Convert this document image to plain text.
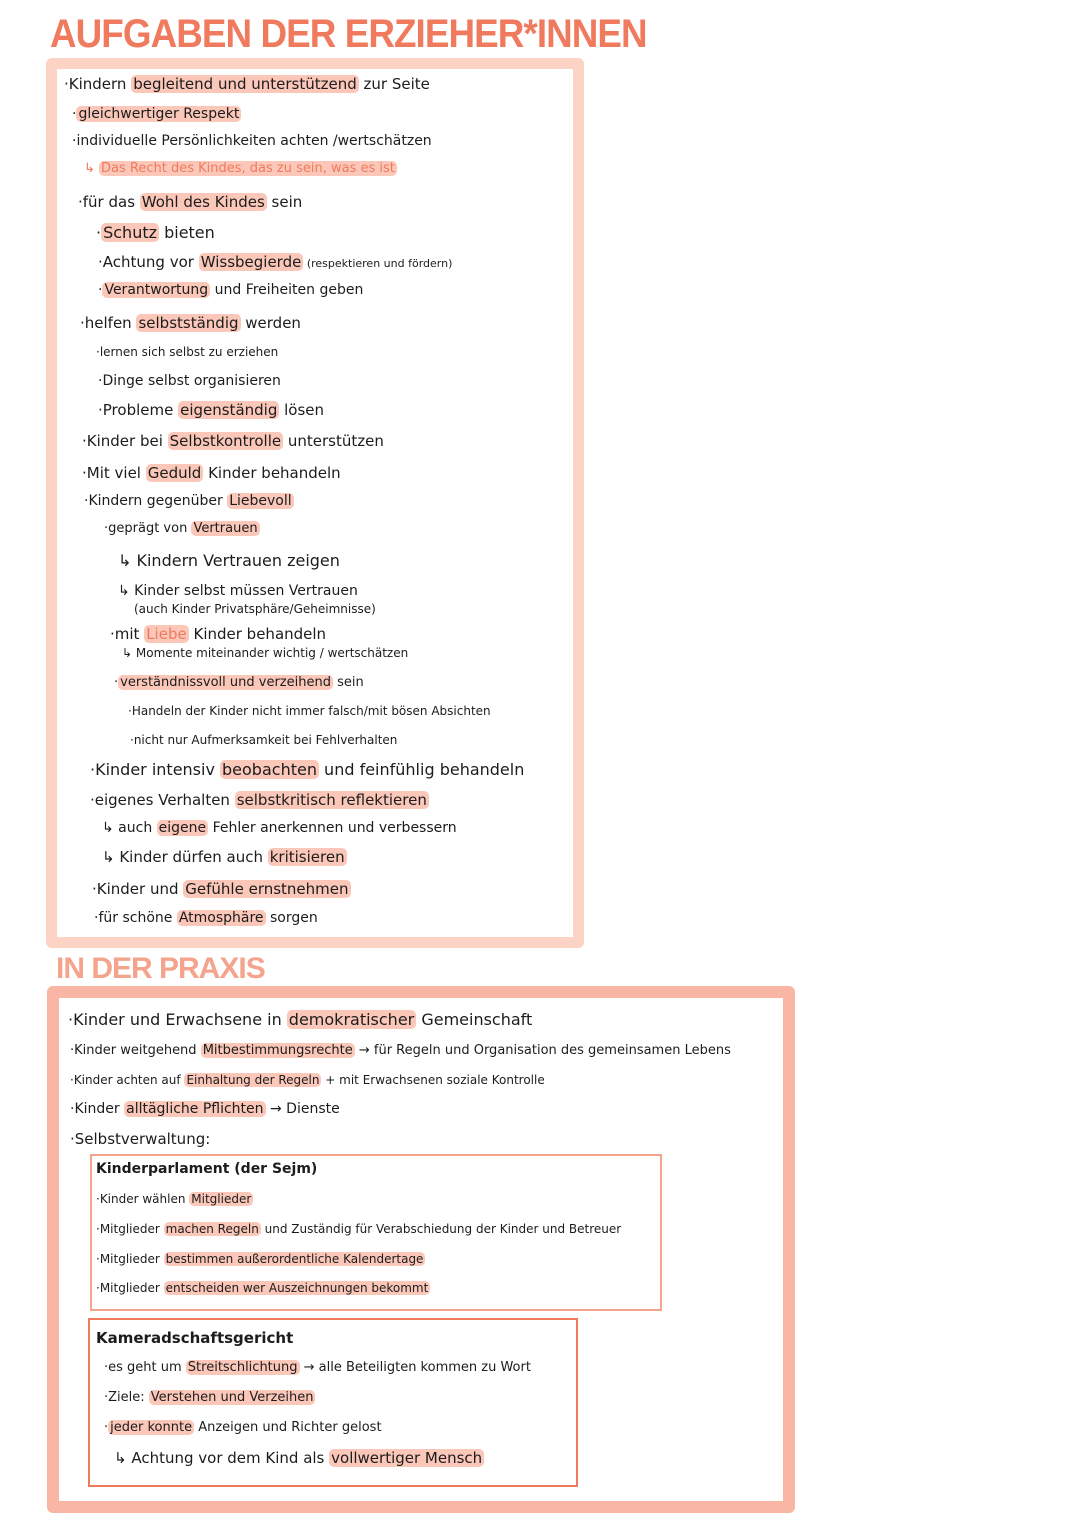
AUFGABEN DER ERZIEHER*INNEN
IN DER PRAXIS
·Kindern begleitend und unterstützend zur Seite
· gleichwertiger Respekt
·individuelle Persönlichkeiten achten /wertschätzen
↳ Das Recht des Kindes, das zu sein, was es ist
·für das Wohl des Kindes sein
· Schutz bieten
·Achtung vor Wissbegierde (respektieren und fördern)
· Verantwortung und Freiheiten geben
·helfen selbstständig werden
·lernen sich selbst zu erziehen
·Dinge selbst organisieren
·Probleme eigenständig lösen
·Kinder bei Selbstkontrolle unterstützen
·Mit viel Geduld Kinder behandeln
·Kindern gegenüber Liebevoll
·geprägt von Vertrauen
↳ Kindern Vertrauen zeigen
↳ Kinder selbst müssen Vertrauen
(auch Kinder Privatsphäre/Geheimnisse)
·mit Liebe Kinder behandeln
↳ Momente miteinander wichtig / wertschätzen
· verständnissvoll und verzeihend sein
·Handeln der Kinder nicht immer falsch/mit bösen Absichten
·nicht nur Aufmerksamkeit bei Fehlverhalten
·Kinder intensiv beobachten und feinfühlig behandeln
·eigenes Verhalten selbstkritisch reflektieren
↳ auch eigene Fehler anerkennen und verbessern
↳ Kinder dürfen auch kritisieren
·Kinder und Gefühle ernstnehmen
·für schöne Atmosphäre sorgen
·Kinder und Erwachsene in demokratischer Gemeinschaft
·Kinder weitgehend Mitbestimmungsrechte → für Regeln und Organisation des gemeinsamen Lebens
·Kinder achten auf Einhaltung der Regeln + mit Erwachsenen soziale Kontrolle
·Kinder alltägliche Pflichten → Dienste
·Selbstverwaltung:
Kinderparlament (der Sejm)
·Kinder wählen Mitglieder
·Mitglieder machen Regeln und Zuständig für Verabschiedung der Kinder und Betreuer
·Mitglieder bestimmen außerordentliche Kalendertage
·Mitglieder entscheiden wer Auszeichnungen bekommt
Kameradschaftsgericht
·es geht um Streitschlichtung → alle Beteiligten kommen zu Wort
·Ziele: Verstehen und Verzeihen
· jeder konnte Anzeigen und Richter gelost
↳ Achtung vor dem Kind als vollwertiger Mensch
